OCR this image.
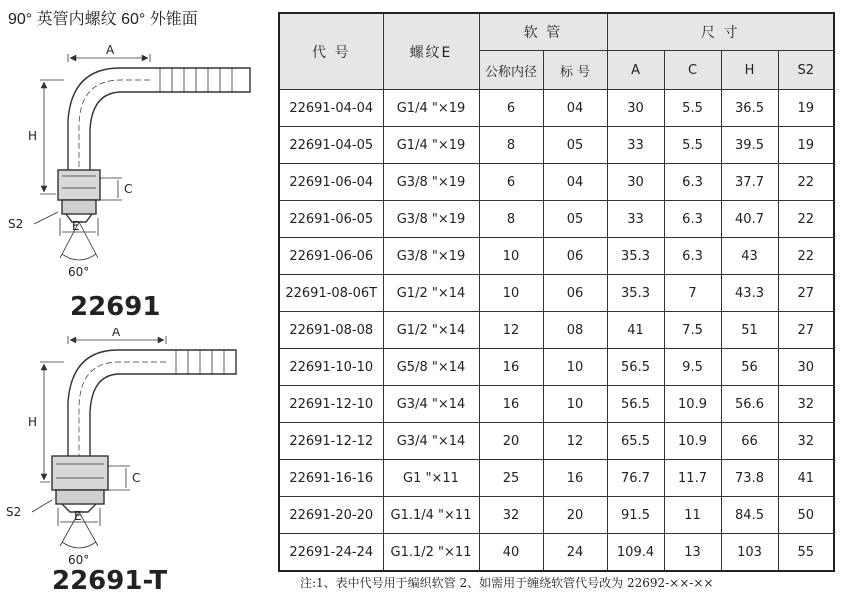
90° 英管内螺纹 60° 外锥面
A
H
C
E
S2
60°
22691
A
H
C
E
S2
60°
22691-T
代 号	螺纹E	软 管		尺 寸			
		公称内径	标 号	A	C	H	S2
22691-04-04	G1/4 "×19	6	04	30	5.5	36.5	19
22691-04-05	G1/4 "×19	8	05	33	5.5	39.5	19
22691-06-04	G3/8 "×19	6	04	30	6.3	37.7	22
22691-06-05	G3/8 "×19	8	05	33	6.3	40.7	22
22691-06-06	G3/8 "×19	10	06	35.3	6.3	43	22
22691-08-06T	G1/2 "×14	10	06	35.3	7	43.3	27
22691-08-08	G1/2 "×14	12	08	41	7.5	51	27
22691-10-10	G5/8 "×14	16	10	56.5	9.5	56	30
22691-12-10	G3/4 "×14	16	10	56.5	10.9	56.6	32
22691-12-12	G3/4 "×14	20	12	65.5	10.9	66	32
22691-16-16	G1 "×11	25	16	76.7	11.7	73.8	41
22691-20-20	G1.1/4 "×11	32	20	91.5	11	84.5	50
22691-24-24	G1.1/2 "×11	40	24	109.4	13	103	55
注:1、表中代号用于编织软管 2、如需用于缠绕软管代号改为 22692-××-××
